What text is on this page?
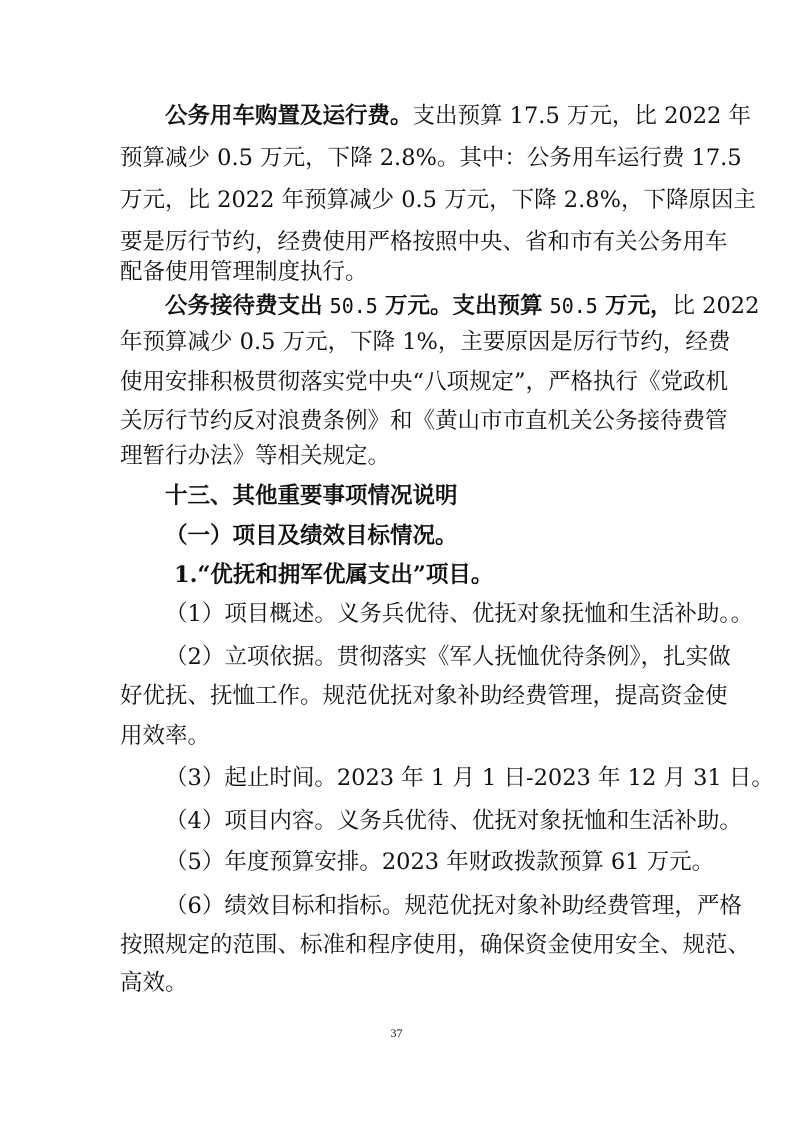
公务用车购置及运行费。支出预算 17.5 万元，比 2022 年
预算减少 0.5 万元，下降 2.8%。其中：公务用车运行费 17.5
万元，比 2022 年预算减少 0.5 万元，下降 2.8%，下降原因主
要是厉行节约，经费使用严格按照中央、省和市有关公务用车
配备使用管理制度执行。
公务接待费支出 50.5 万元。支出预算 50.5 万元，比 2022
年预算减少 0.5 万元，下降 1%，主要原因是厉行节约，经费
使用安排积极贯彻落实党中央“八项规定”，严格执行《党政机
关厉行节约反对浪费条例》和《黄山市市直机关公务接待费管
理暂行办法》等相关规定。
十三、其他重要事项情况说明
（一）项目及绩效目标情况。
1.“优抚和拥军优属支出”项目。
（1）项目概述。义务兵优待、优抚对象抚恤和生活补助。。
（2）立项依据。贯彻落实《军人抚恤优待条例》，扎实做
好优抚、抚恤工作。规范优抚对象补助经费管理，提高资金使
用效率。
（3）起止时间。2023 年 1 月 1 日-2023 年 12 月 31 日。
（4）项目内容。义务兵优待、优抚对象抚恤和生活补助。
（5）年度预算安排。2023 年财政拨款预算 61 万元。
（6）绩效目标和指标。规范优抚对象补助经费管理，严格
按照规定的范围、标准和程序使用，确保资金使用安全、规范、
高效。
37
